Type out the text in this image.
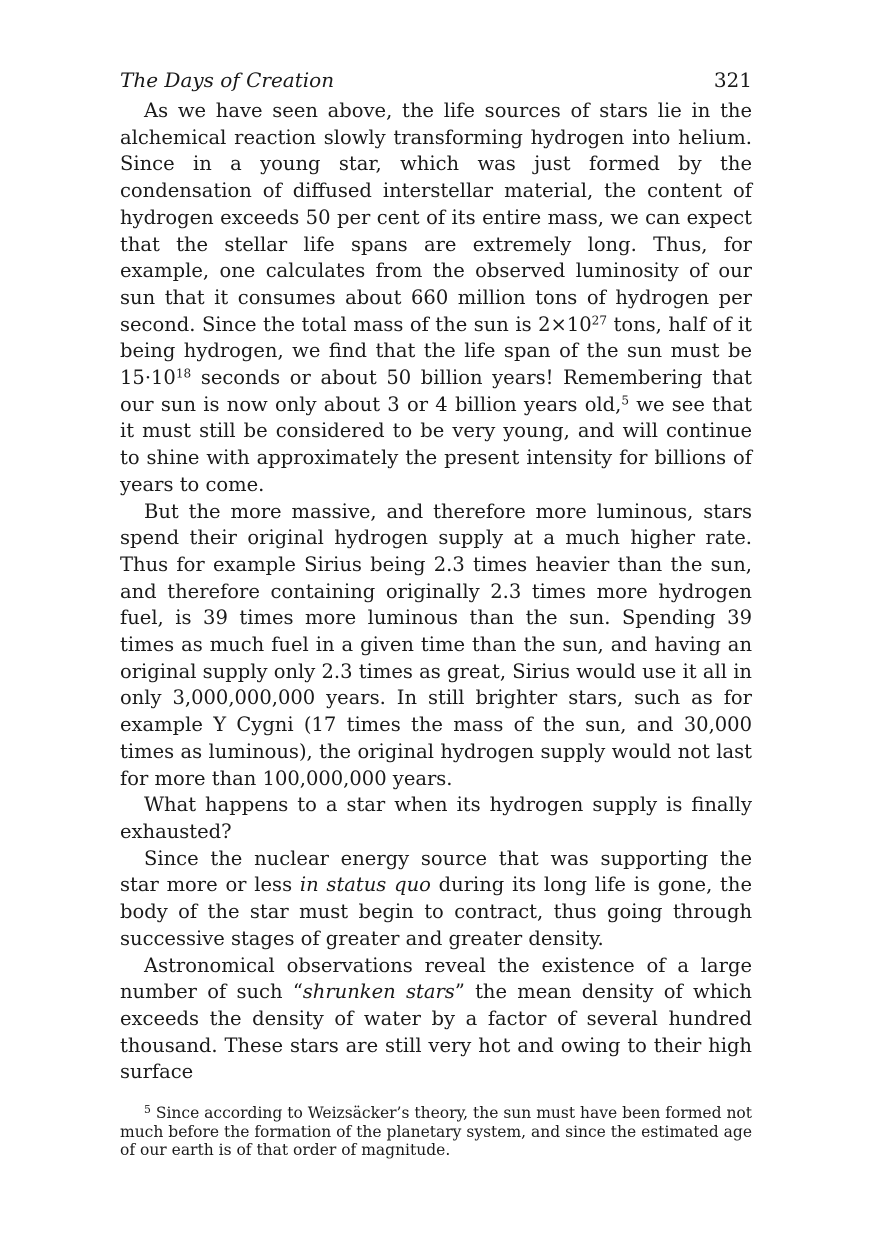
The Days of Creation	321

As we have seen above, the life sources of stars lie in the alchemical reaction slowly transforming hydrogen into helium. Since in a young star, which was just formed by the condensation of diffused interstellar material, the content of hydrogen exceeds 50 per cent of its entire mass, we can expect that the stellar life spans are extremely long. Thus, for example, one calculates from the observed luminosity of our sun that it consumes about 660 million tons of hydrogen per second. Since the total mass of the sun is $2\times 10^{27}$ tons, half of it being hydrogen, we find that the life span of the sun must be $15\cdot 10^{18}$ seconds or about 50 billion years! Remembering that our sun is now only about 3 or 4 billion years old,$^5$ we see that it must still be considered to be very young, and will continue to shine with approximately the present intensity for billions of years to come.

But the more massive, and therefore more luminous, stars spend their original hydrogen supply at a much higher rate. Thus for example Sirius being 2.3 times heavier than the sun, and therefore containing originally 2.3 times more hydrogen fuel, is 39 times more luminous than the sun. Spending 39 times as much fuel in a given time than the sun, and having an original supply only 2.3 times as great, Sirius would use it all in only 3,000,000,000 years. In still brighter stars, such as for example Y Cygni (17 times the mass of the sun, and 30,000 times as luminous), the original hydrogen supply would not last for more than 100,000,000 years.

What happens to a star when its hydrogen supply is finally exhausted?

Since the nuclear energy source that was supporting the star more or less in status quo during its long life is gone, the body of the star must begin to contract, thus going through successive stages of greater and greater density.

Astronomical observations reveal the existence of a large number of such “shrunken stars” the mean density of which exceeds the density of water by a factor of several hundred thousand. These stars are still very hot and owing to their high surface

$^5$ Since according to Weizsäcker’s theory, the sun must have been formed not much before the formation of the planetary system, and since the estimated age of our earth is of that order of magnitude.
